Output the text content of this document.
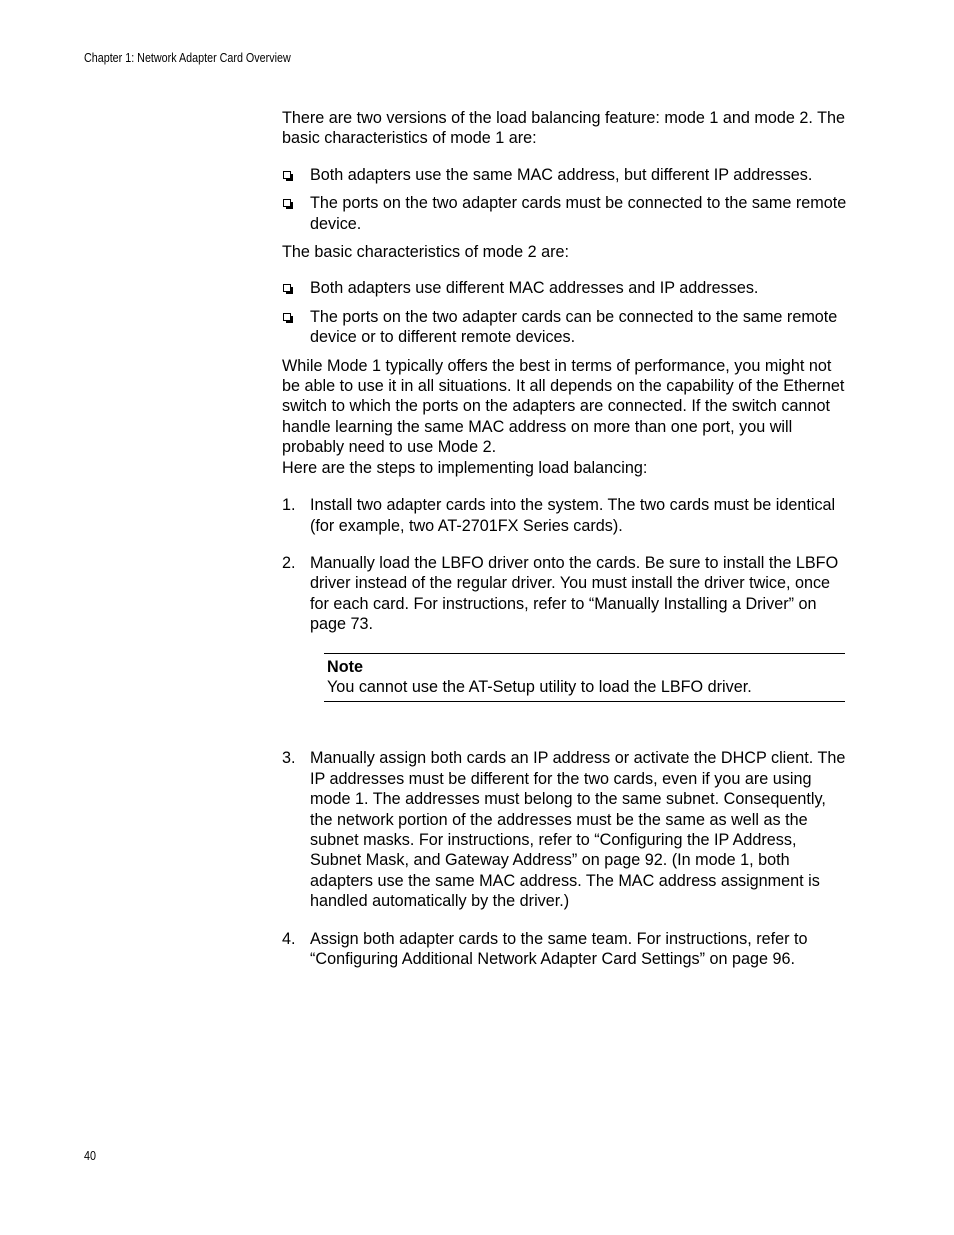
Chapter 1: Network Adapter Card Overview

There are two versions of the load balancing feature: mode 1 and mode 2. The basic characteristics of mode 1 are:

Both adapters use the same MAC address, but different IP addresses.
The ports on the two adapter cards must be connected to the same remote device.

The basic characteristics of mode 2 are:

Both adapters use different MAC addresses and IP addresses.
The ports on the two adapter cards can be connected to the same remote device or to different remote devices.

While Mode 1 typically offers the best in terms of performance, you might not be able to use it in all situations. It all depends on the capability of the Ethernet switch to which the ports on the adapters are connected. If the switch cannot handle learning the same MAC address on more than one port, you will probably need to use Mode 2.

Here are the steps to implementing load balancing:

1. Install two adapter cards into the system. The two cards must be identical (for example, two AT-2701FX Series cards).
2. Manually load the LBFO driver onto the cards. Be sure to install the LBFO driver instead of the regular driver. You must install the driver twice, once for each card. For instructions, refer to “Manually Installing a Driver” on page 73.
Note
You cannot use the AT-Setup utility to load the LBFO driver.
3. Manually assign both cards an IP address or activate the DHCP client. The IP addresses must be different for the two cards, even if you are using mode 1. The addresses must belong to the same subnet. Consequently, the network portion of the addresses must be the same as well as the subnet masks. For instructions, refer to “Configuring the IP Address, Subnet Mask, and Gateway Address” on page 92. (In mode 1, both adapters use the same MAC address. The MAC address assignment is handled automatically by the driver.)
4. Assign both adapter cards to the same team. For instructions, refer to “Configuring Additional Network Adapter Card Settings” on page 96.
40
